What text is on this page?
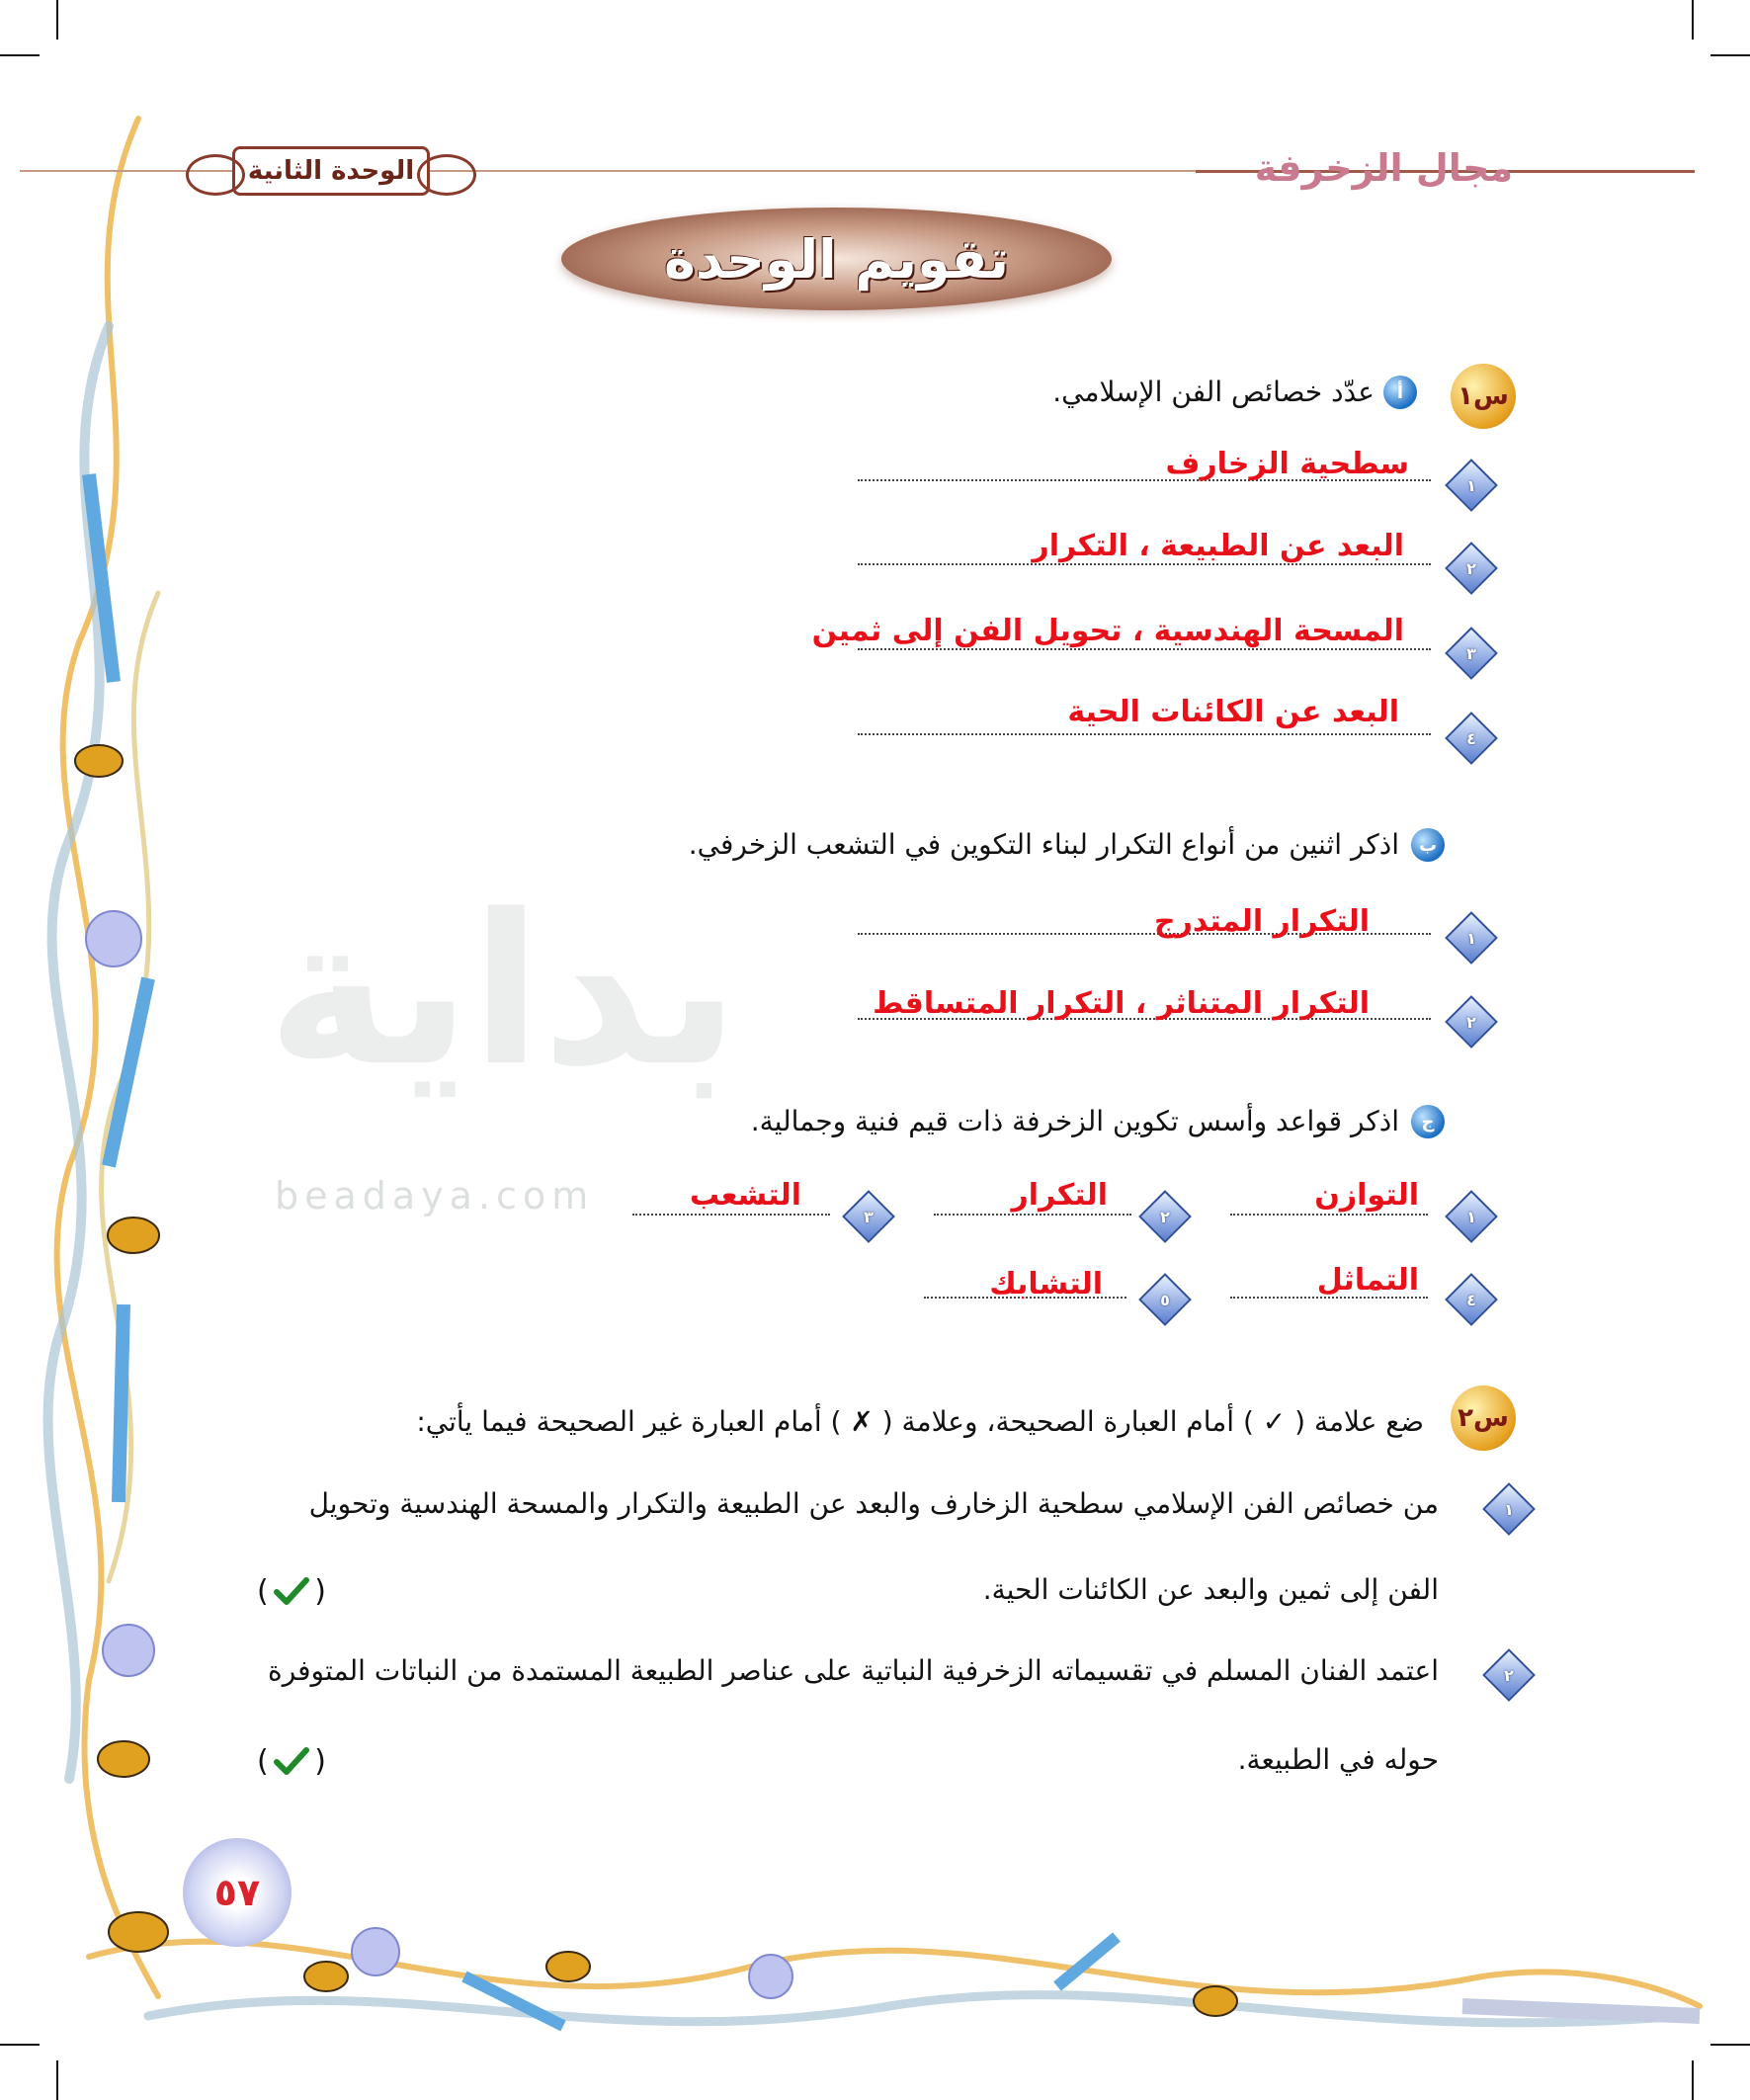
بداية
beadaya.com
مجال الزخرفة
الوحدة الثانية
تقويم الوحدة
س١
أ
عدّد خصائص الفن الإسلامي.
١
سطحية الزخارف
٢
البعد عن الطبيعة ، التكرار
٣
المسحة الهندسية ، تحويل الفن إلى ثمين
٤
البعد عن الكائنات الحية
ب
اذكر اثنين من أنواع التكرار لبناء التكوين في التشعب الزخرفي.
١
التكرار المتدرج
٢
التكرار المتناثر ، التكرار المتساقط
ج
اذكر قواعد وأسس تكوين الزخرفة ذات قيم فنية وجمالية.
١
التوازن
٢
التكرار
٣
التشعب
٤
التماثل
٥
التشابك
س٢
ضع علامة ( ✓ ) أمام العبارة الصحيحة، وعلامة ( ✗ ) أمام العبارة غير الصحيحة فيما يأتي:
١
من خصائص الفن الإسلامي سطحية الزخارف والبعد عن الطبيعة والتكرار والمسحة الهندسية وتحويل
الفن إلى ثمين والبعد عن الكائنات الحية.
( )
٢
اعتمد الفنان المسلم في تقسيماته الزخرفية النباتية على عناصر الطبيعة المستمدة من النباتات المتوفرة
حوله في الطبيعة.
( )
٥٧
